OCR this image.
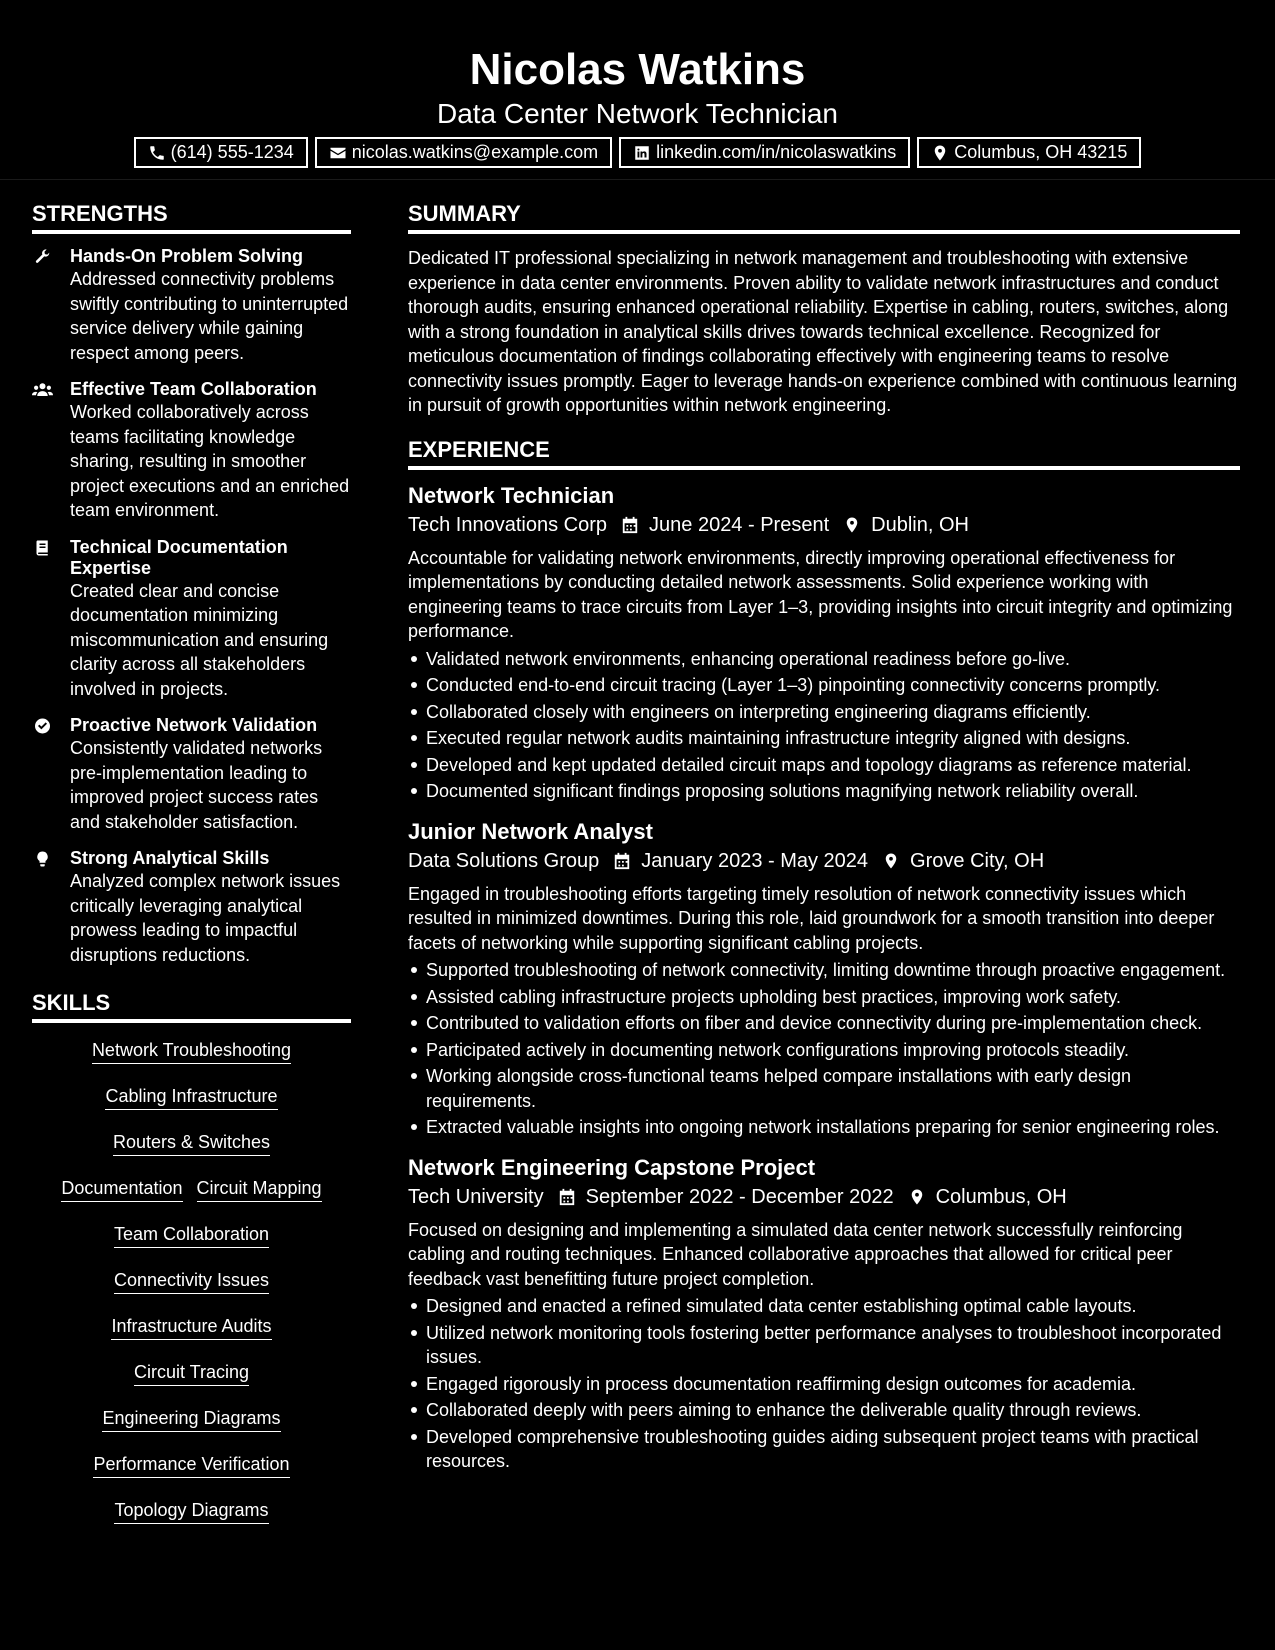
Nicolas Watkins
Data Center Network Technician
(614) 555-1234	nicolas.watkins@example.com	linkedin.com/in/nicolaswatkins	Columbus, OH 43215
STRENGTHS
Hands-On Problem Solving
Addressed connectivity problems swiftly contributing to uninterrupted service delivery while gaining respect among peers.
Effective Team Collaboration
Worked collaboratively across teams facilitating knowledge sharing, resulting in smoother project executions and an enriched team environment.
Technical Documentation Expertise
Created clear and concise documentation minimizing miscommunication and ensuring clarity across all stakeholders involved in projects.
Proactive Network Validation
Consistently validated networks pre-implementation leading to improved project success rates and stakeholder satisfaction.
Strong Analytical Skills
Analyzed complex network issues critically leveraging analytical prowess leading to impactful disruptions reductions.
SKILLS
Network Troubleshooting
Cabling Infrastructure
Routers & Switches
Documentation Circuit Mapping
Team Collaboration
Connectivity Issues
Infrastructure Audits
Circuit Tracing
Engineering Diagrams
Performance Verification
Topology Diagrams
SUMMARY

Dedicated IT professional specializing in network management and troubleshooting with extensive experience in data center environments. Proven ability to validate network infrastructures and conduct thorough audits, ensuring enhanced operational reliability. Expertise in cabling, routers, switches, along with a strong foundation in analytical skills drives towards technical excellence. Recognized for meticulous documentation of findings collaborating effectively with engineering teams to resolve connectivity issues promptly. Eager to leverage hands-on experience combined with continuous learning in pursuit of growth opportunities within network engineering.

EXPERIENCE
Network Technician
Tech Innovations Corp June 2024 - Present Dublin, OH

Accountable for validating network environments, directly improving operational effectiveness for implementations by conducting detailed network assessments. Solid experience working with engineering teams to trace circuits from Layer 1–3, providing insights into circuit integrity and optimizing performance.

Validated network environments, enhancing operational readiness before go-live.
Conducted end-to-end circuit tracing (Layer 1–3) pinpointing connectivity concerns promptly.
Collaborated closely with engineers on interpreting engineering diagrams efficiently.
Executed regular network audits maintaining infrastructure integrity aligned with designs.
Developed and kept updated detailed circuit maps and topology diagrams as reference material.
Documented significant findings proposing solutions magnifying network reliability overall.
Junior Network Analyst
Data Solutions Group January 2023 - May 2024 Grove City, OH

Engaged in troubleshooting efforts targeting timely resolution of network connectivity issues which resulted in minimized downtimes. During this role, laid groundwork for a smooth transition into deeper facets of networking while supporting significant cabling projects.

Supported troubleshooting of network connectivity, limiting downtime through proactive engagement.
Assisted cabling infrastructure projects upholding best practices, improving work safety.
Contributed to validation efforts on fiber and device connectivity during pre-implementation check.
Participated actively in documenting network configurations improving protocols steadily.
Working alongside cross-functional teams helped compare installations with early design requirements.
Extracted valuable insights into ongoing network installations preparing for senior engineering roles.
Network Engineering Capstone Project
Tech University September 2022 - December 2022 Columbus, OH

Focused on designing and implementing a simulated data center network successfully reinforcing cabling and routing techniques. Enhanced collaborative approaches that allowed for critical peer feedback vast benefitting future project completion.

Designed and enacted a refined simulated data center establishing optimal cable layouts.
Utilized network monitoring tools fostering better performance analyses to troubleshoot incorporated issues.
Engaged rigorously in process documentation reaffirming design outcomes for academia.
Collaborated deeply with peers aiming to enhance the deliverable quality through reviews.
Developed comprehensive troubleshooting guides aiding subsequent project teams with practical resources.
